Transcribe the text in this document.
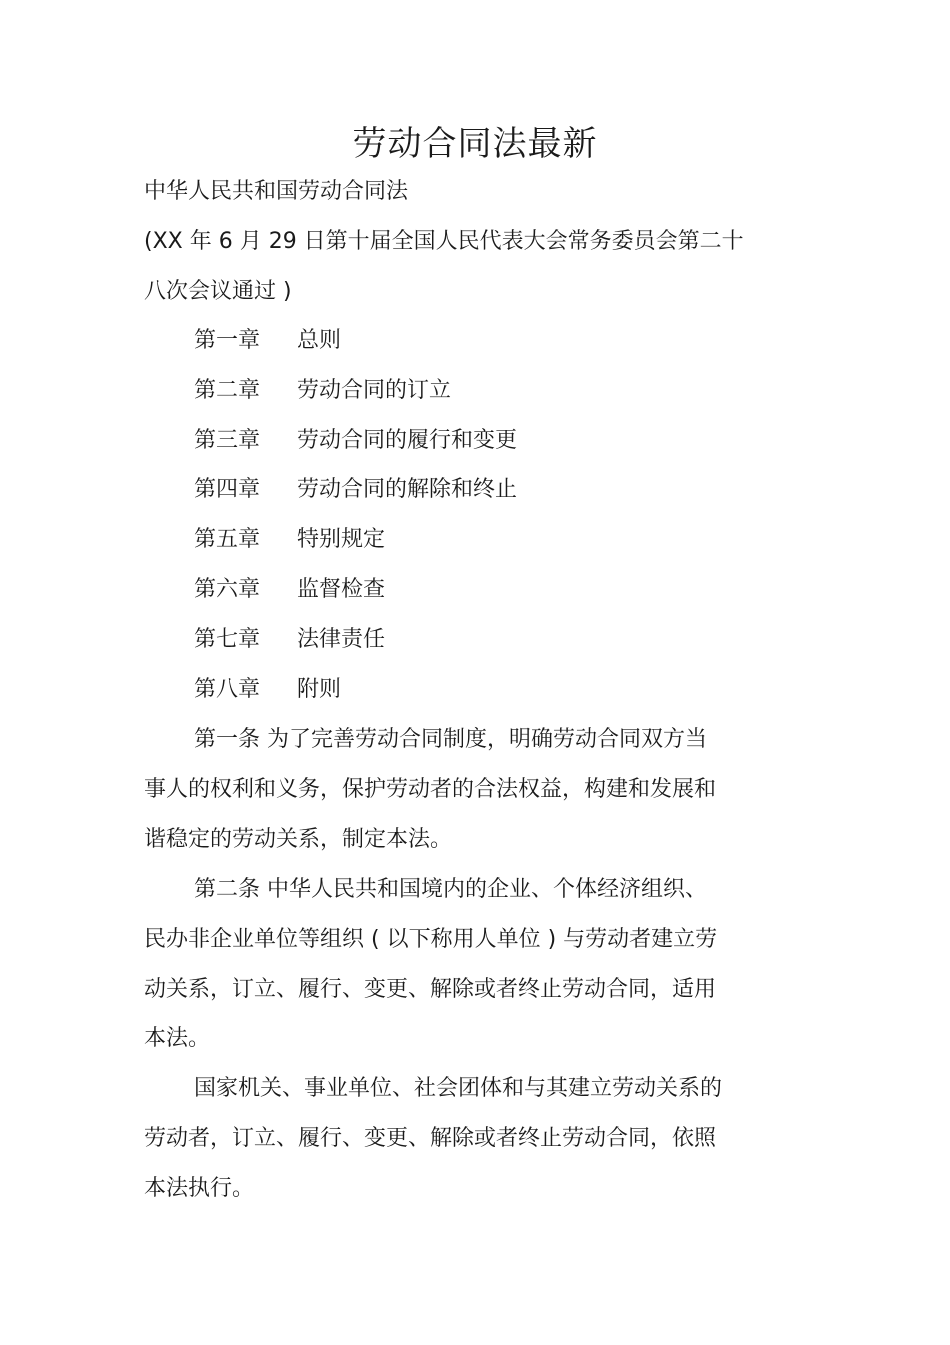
劳动合同法最新
中华人民共和国劳动合同法
(XX 年 6 月 29 日第十届全国人民代表大会常务委员会第二十
八次会议通过 )
第一章 总则
第二章 劳动合同的订立
第三章 劳动合同的履行和变更
第四章 劳动合同的解除和终止
第五章 特别规定
第六章 监督检查
第七章 法律责任
第八章 附则
第一条 为了完善劳动合同制度，明确劳动合同双方当
事人的权利和义务，保护劳动者的合法权益，构建和发展和
谐稳定的劳动关系，制定本法。
第二条 中华人民共和国境内的企业、个体经济组织、
民办非企业单位等组织 ( 以下称用人单位 ) 与劳动者建立劳
动关系，订立、履行、变更、解除或者终止劳动合同，适用
本法。
国家机关、事业单位、社会团体和与其建立劳动关系的
劳动者，订立、履行、变更、解除或者终止劳动合同，依照
本法执行。
